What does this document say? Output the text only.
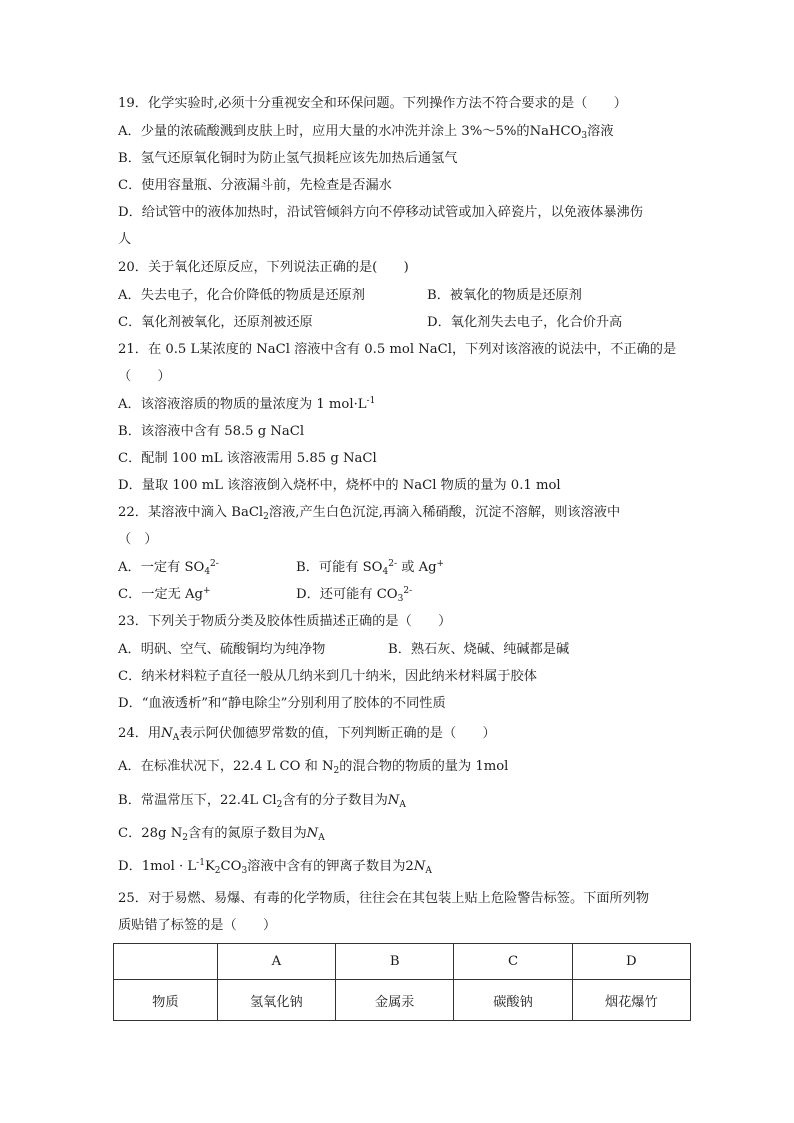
19．化学实验时,必须十分重视安全和环保问题。下列操作方法不符合要求的是（　　）
A．少量的浓硫酸溅到皮肤上时，应用大量的水冲洗并涂上 3%～5%的NaHCO$_3$溶液
B．氢气还原氧化铜时为防止氢气损耗应该先加热后通氢气
C．使用容量瓶、分液漏斗前，先检查是否漏水
D．给试管中的液体加热时，沿试管倾斜方向不停移动试管或加入碎瓷片，以免液体暴沸伤
人
20．关于氧化还原反应，下列说法正确的是(　　)
A．失去电子，化合价降低的物质是还原剂	B．被氧化的物质是还原剂
C．氧化剂被氧化，还原剂被还原	D．氧化剂失去电子，化合价升高
21．在 0.5 L某浓度的 NaCl 溶液中含有 0.5 mol NaCl，下列对该溶液的说法中，不正确的是
（　　）
A．该溶液溶质的物质的量浓度为 1 $mol\cdot L^{-1}$
B．该溶液中含有 58.5 g NaCl
C．配制 100 mL 该溶液需用 5.85 g NaCl
D．量取 100 mL 该溶液倒入烧杯中，烧杯中的 NaCl 物质的量为 0.1 mol
22．某溶液中滴入 BaCl$_2$溶液,产生白色沉淀,再滴入稀硝酸，沉淀不溶解，则该溶液中
（　）
A．一定有 $SO_4^{2-}$	B．可能有 $SO_4^{2-}$ 或 Ag+
C．一定无 Ag+	D．还可能有 $CO_3^{2-}$
23．下列关于物质分类及胶体性质描述正确的是（　　）
A．明矾、空气、硫酸铜均为纯净物	B．熟石灰、烧碱、纯碱都是碱
C．纳米材料粒子直径一般从几纳米到几十纳米，因此纳米材料属于胶体
D．“血液透析”和“静电除尘”分别利用了胶体的不同性质
24．用$N_A$表示阿伏伽德罗常数的值，下列判断正确的是（　　）
A．在标准状况下，22.4 L CO 和 $N_2$的混合物的物质的量为 1mol
B．常温常压下，22.4L $Cl_2$含有的分子数目为$N_A$
C．28g $N_2$含有的氮原子数目为$N_A$
D．$1mol \cdot L^{-1}K_2CO_3$溶液中含有的钾离子数目为$2N_A$
25．对于易燃、易爆、有毒的化学物质，往往会在其包装上贴上危险警告标签。下面所列物
质贴错了标签的是（　　）
	A	B	C	D
物质	氢氧化钠	金属汞	碳酸钠	烟花爆竹
